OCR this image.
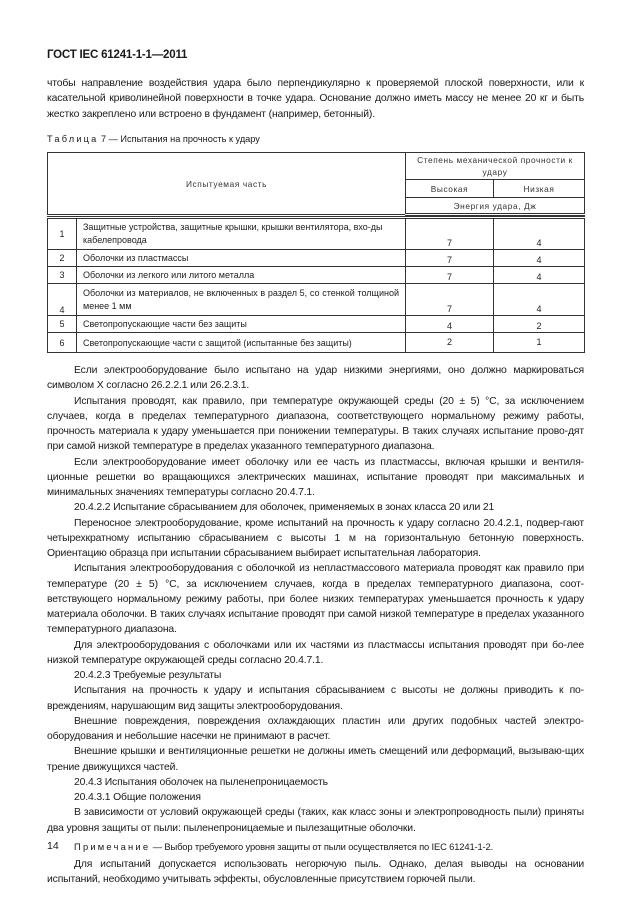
ГОСТ IEC 61241-1-1—2011

чтобы направление воздействия удара было перпендикулярно к проверяемой плоской поверхности, или к касательной криволинейной поверхности в точке удара. Основание должно иметь массу не менее 20 кг и быть жестко закреплено или встроено в фундамент (например, бетонный).

Таблица 7 — Испытания на прочность к удару
Испытуемая часть		Степень механической прочности к удару	
		Высокая	Низкая
		Энергия удара, Дж	

1	Защитные устройства, защитные крышки, крышки вентилятора, вхо-ды кабелепровода	7	4
2	Оболочки из пластмассы	7	4
3	Оболочки из легкого или литого металла	7	4
4	Оболочки из материалов, не включенных в раздел 5, со стенкой толщиной менее 1 мм	7	4
5	Светопропускающие части без защиты	4	2
6	Светопропускающие части с защитой (испытанные без защиты)	2	1

Если электрооборудование было испытано на удар низкими энергиями, оно должно маркироваться символом X согласно 26.2.2.1 или 26.2.3.1.

Испытания проводят, как правило, при температуре окружающей среды (20 ± 5) °С, за исключением случаев, когда в пределах температурного диапазона, соответствующего нормальному режиму работы, прочность материала к удару уменьшается при понижении температуры. В таких случаях испытание прово-дят при самой низкой температуре в пределах указанного температурного диапазона.

Если электрооборудование имеет оболочку или ее часть из пластмассы, включая крышки и вентиля-ционные решетки во вращающихся электрических машинах, испытание проводят при максимальных и минимальных значениях температуры согласно 20.4.7.1.

20.4.2.2 Испытание сбрасыванием для оболочек, применяемых в зонах класса 20 или 21

Переносное электрооборудование, кроме испытаний на прочность к удару согласно 20.4.2.1, подвер-гают четырехкратному испытанию сбрасыванием с высоты 1 м на горизонтальную бетонную поверхность. Ориентацию образца при испытании сбрасыванием выбирает испытательная лаборатория.

Испытания электрооборудования с оболочкой из непластмассового материала проводят как правило при температуре (20 ± 5) °С, за исключением случаев, когда в пределах температурного диапазона, соот-ветствующего нормальному режиму работы, при более низких температурах уменьшается прочность к удару материала оболочки. В таких случаях испытание проводят при самой низкой температуре в пределах указанного температурного диапазона.

Для электрооборудования с оболочками или их частями из пластмассы испытания проводят при бо-лее низкой температуре окружающей среды согласно 20.4.7.1.

20.4.2.3 Требуемые результаты

Испытания на прочность к удару и испытания сбрасыванием с высоты не должны приводить к по-вреждениям, нарушающим вид защиты электрооборудования.

Внешние повреждения, повреждения охлаждающих пластин или других подобных частей электро-оборудования и небольшие насечки не принимают в расчет.

Внешние крышки и вентиляционные решетки не должны иметь смещений или деформаций, вызываю-щих трение движущихся частей.

20.4.3 Испытания оболочек на пыленепроницаемость

20.4.3.1 Общие положения

В зависимости от условий окружающей среды (таких, как класс зоны и электропроводность пыли) приняты два уровня защиты от пыли: пыленепроницаемые и пылезащитные оболочки.

Примечание — Выбор требуемого уровня защиты от пыли осуществляется по IEC 61241-1-2.

Для испытаний допускается использовать негорючую пыль. Однако, делая выводы на основании испытаний, необходимо учитывать эффекты, обусловленные присутствием горючей пыли.

14
